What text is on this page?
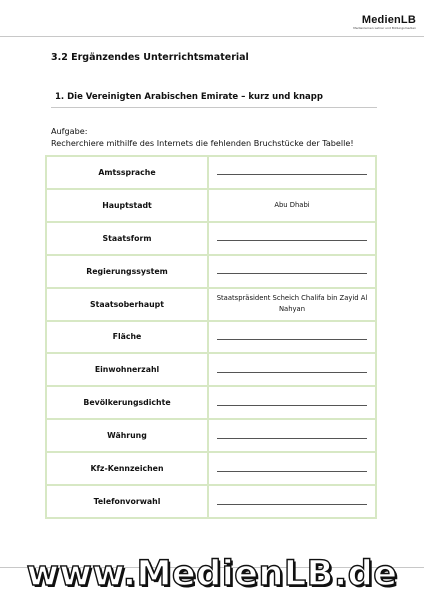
MedienLB
Medienlernen Lehrer und Bildungsmedien
3.2 Ergänzendes Unterrichtsmaterial
1. Die Vereinigten Arabischen Emirate – kurz und knapp
Aufgabe:
Recherchiere mithilfe des Internets die fehlenden Bruchstücke der Tabelle!
Amtssprache
Hauptstadt	Abu Dhabi
Staatsform
Regierungssystem
Staatsoberhaupt
Staatspräsident Scheich Chalifa bin Zayid Al Nahyan
Fläche
Einwohnerzahl
Bevölkerungsdichte
Währung
Kfz-Kennzeichen
Telefonvorwahl
www.MedienLB.de
